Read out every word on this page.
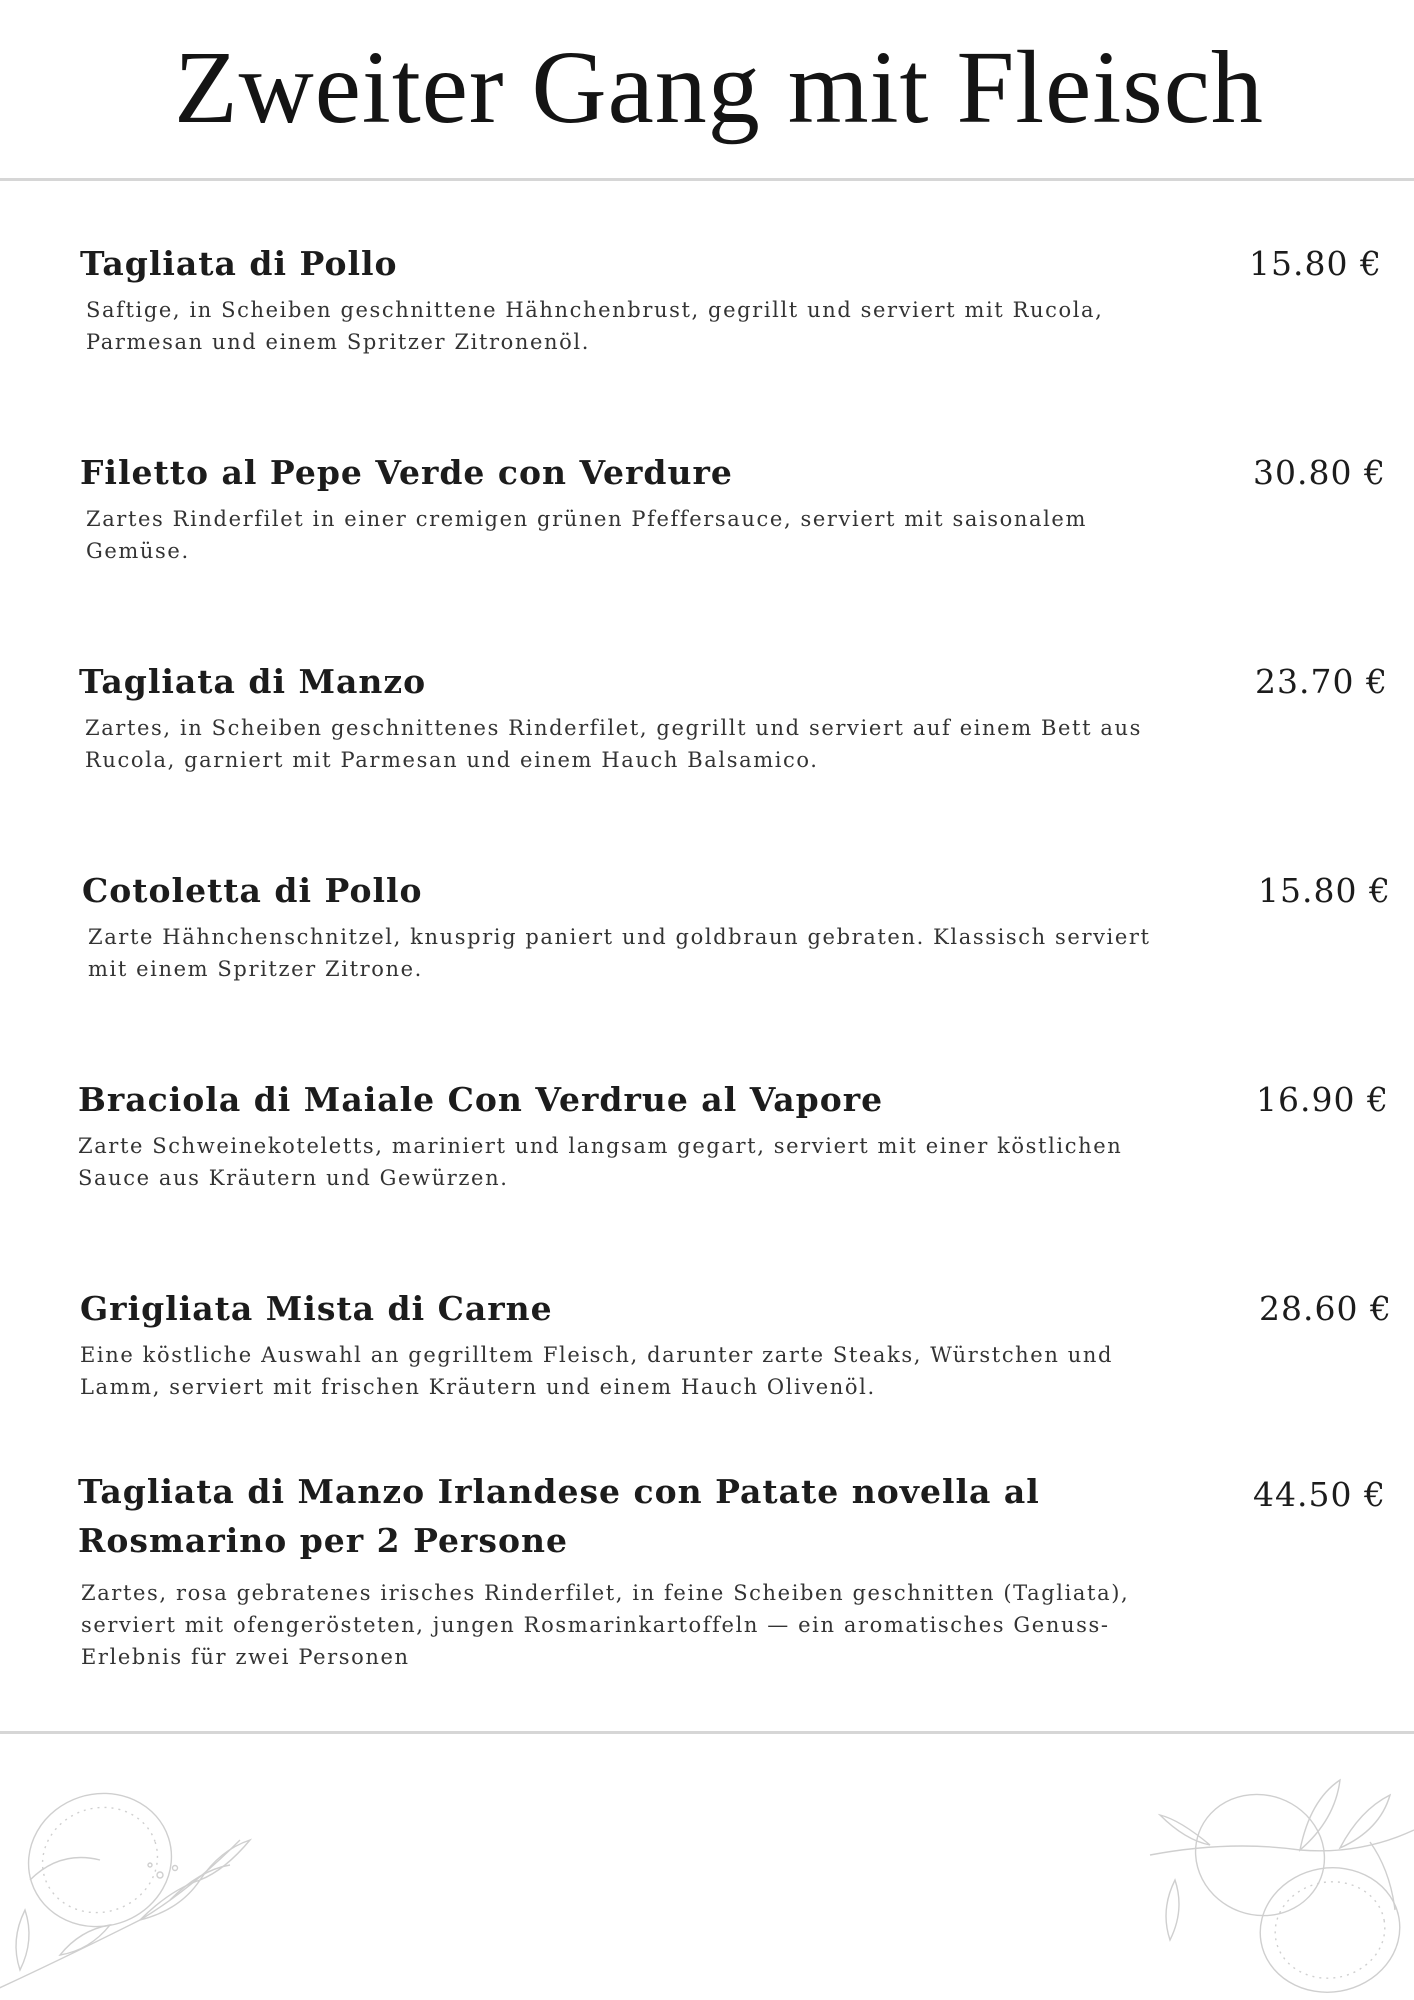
Zweiter Gang mit Fleisch
Tagliata di Pollo	15.80 €

Saftige, in Scheiben geschnittene Hähnchenbrust, gegrillt und serviert mit Rucola, Parmesan und einem Spritzer Zitronenöl.

Filetto al Pepe Verde con Verdure	30.80 €

Zartes Rinderfilet in einer cremigen grünen Pfeffersauce, serviert mit saisonalem Gemüse.

Tagliata di Manzo	23.70 €

Zartes, in Scheiben geschnittenes Rinderfilet, gegrillt und serviert auf einem Bett aus Rucola, garniert mit Parmesan und einem Hauch Balsamico.

Cotoletta di Pollo	15.80 €

Zarte Hähnchenschnitzel, knusprig paniert und goldbraun gebraten. Klassisch serviert mit einem Spritzer Zitrone.

Braciola di Maiale Con Verdrue al Vapore	16.90 €

Zarte Schweinekoteletts, mariniert und langsam gegart, serviert mit einer köstlichen Sauce aus Kräutern und Gewürzen.

Grigliata Mista di Carne	28.60 €

Eine köstliche Auswahl an gegrilltem Fleisch, darunter zarte Steaks, Würstchen und Lamm, serviert mit frischen Kräutern und einem Hauch Olivenöl.

Tagliata di Manzo Irlandese con Patate novella al Rosmarino per 2 Persone
44.50 €

Zartes, rosa gebratenes irisches Rinderfilet, in feine Scheiben geschnitten (Tagliata), serviert mit ofengerösteten, jungen Rosmarinkartoffeln — ein aromatisches Genuss-Erlebnis für zwei Personen
